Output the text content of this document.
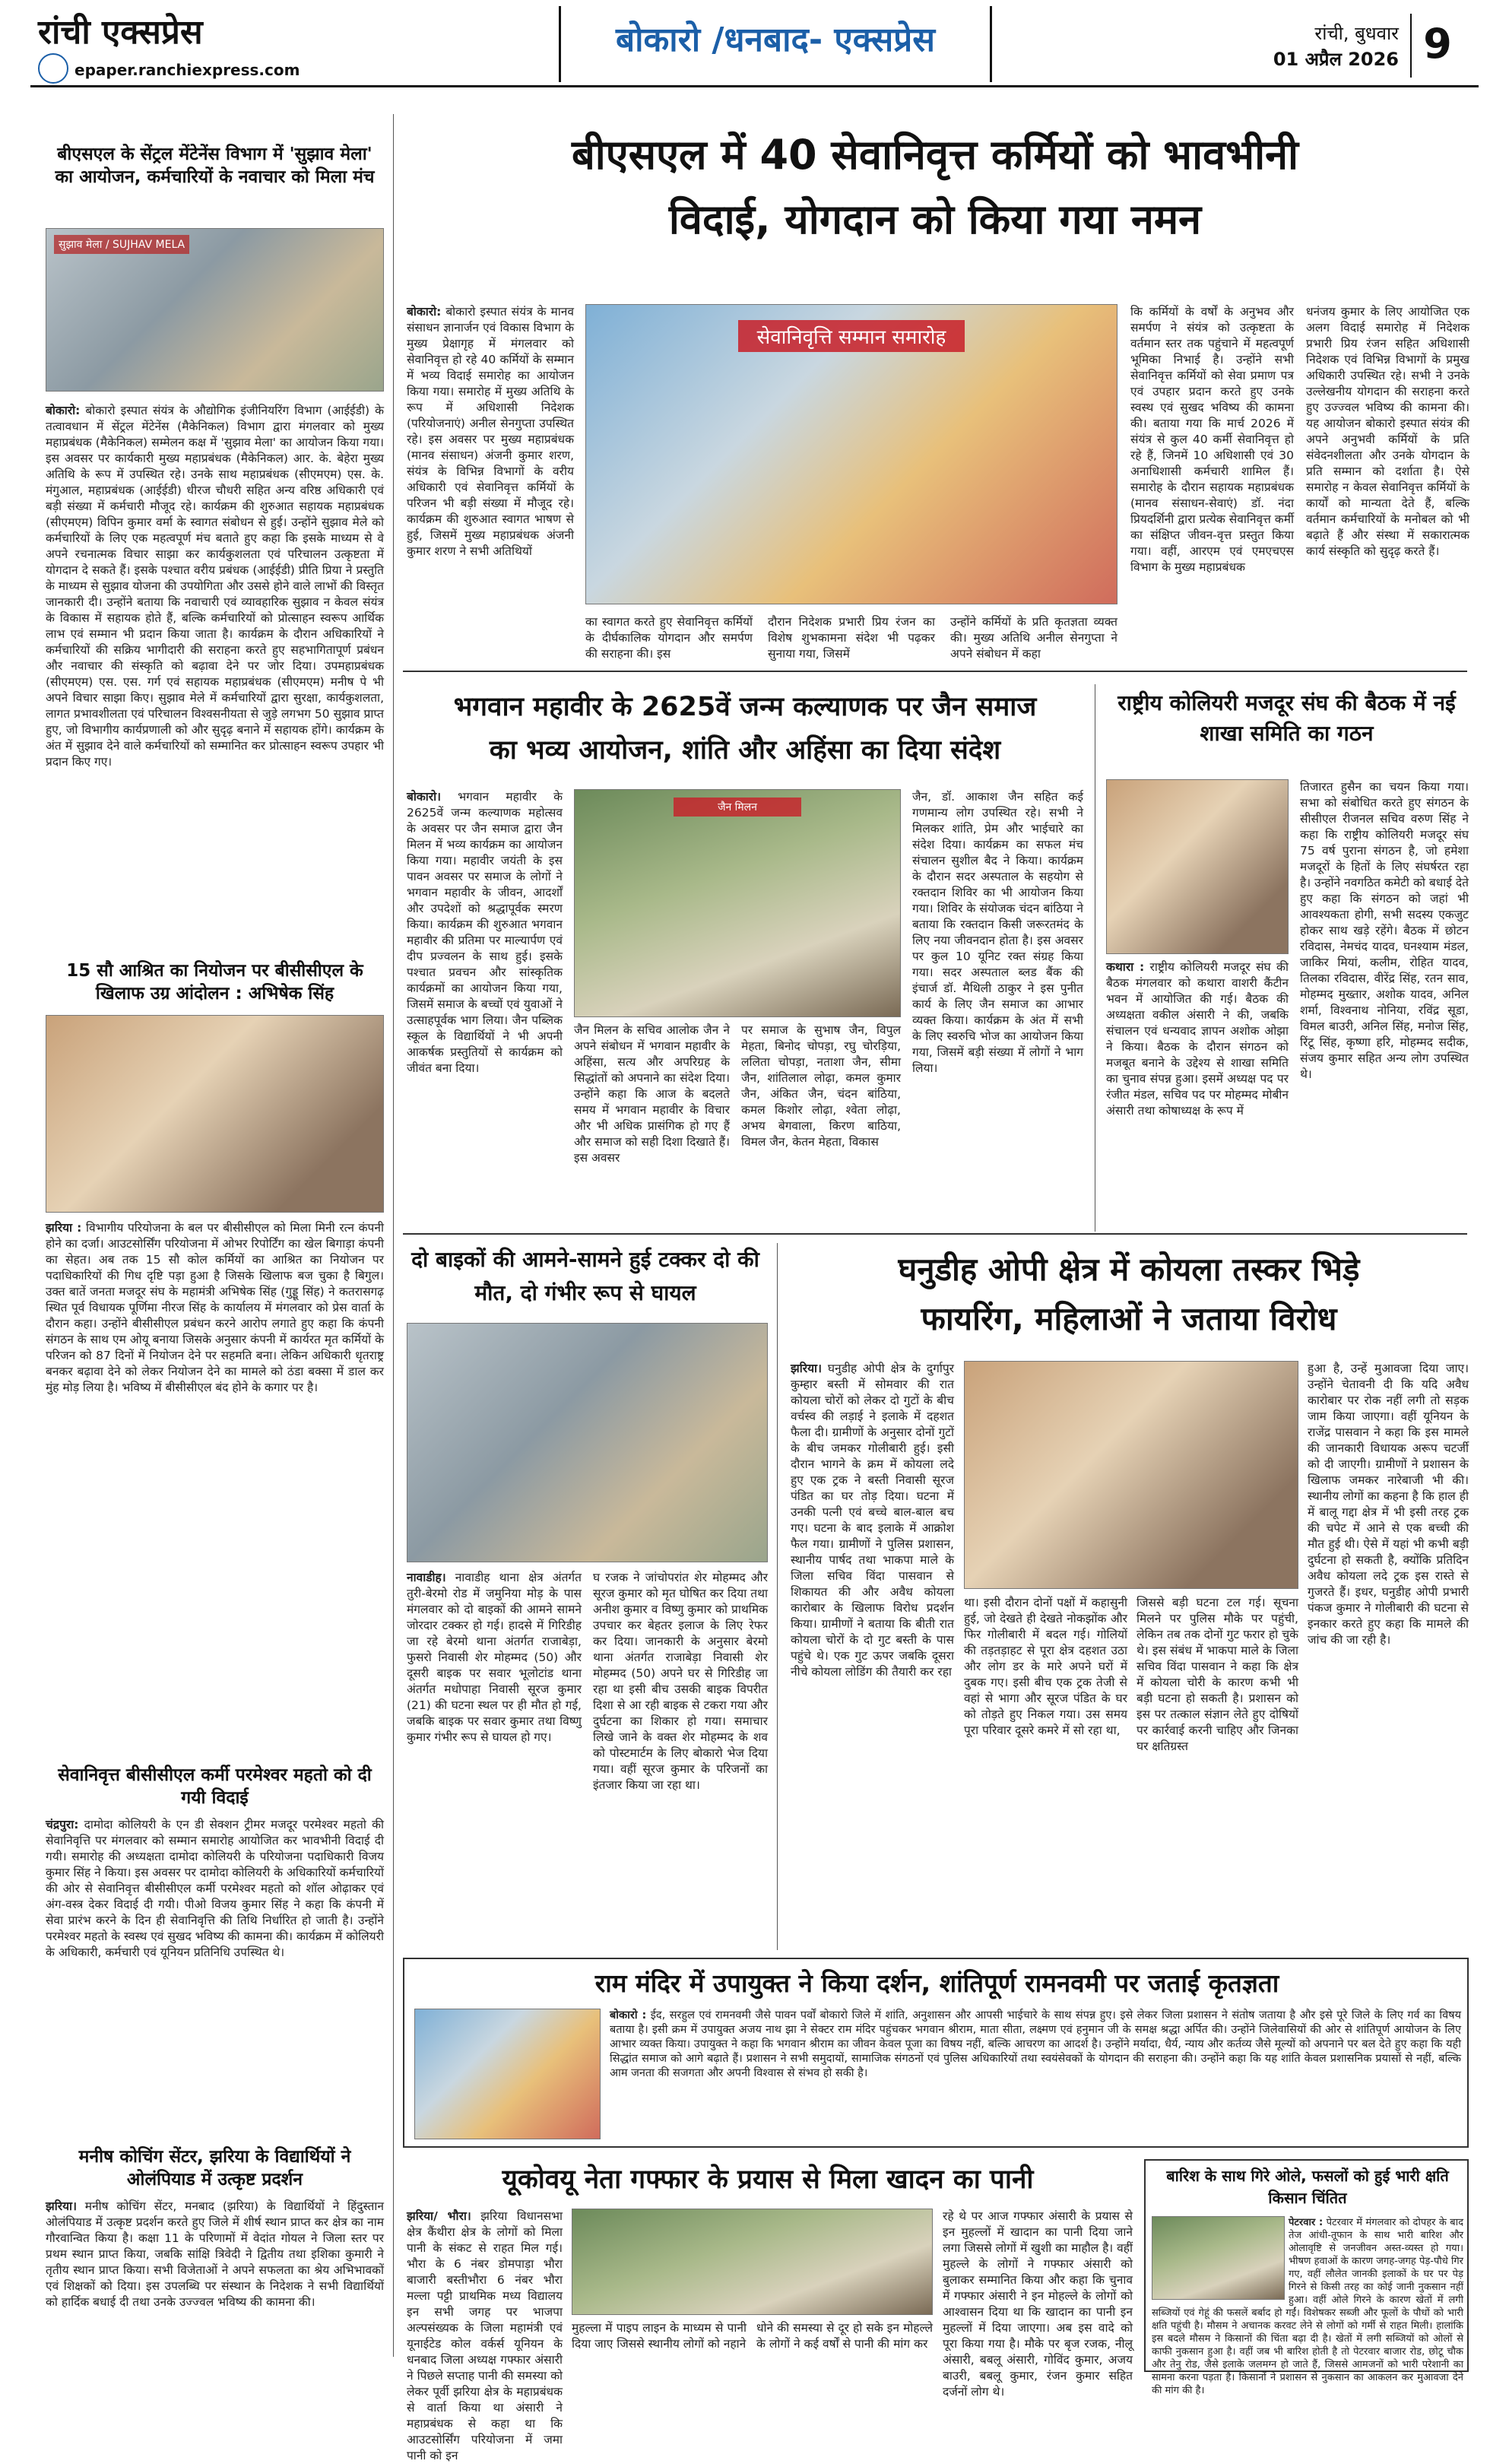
रांची एक्सप्रेस
epaper.ranchiexpress.com
बोकारो /धनबाद- एक्सप्रेस	रांची, बुधवार
01 अप्रैल 2026 9
बीएसएल के सेंट्रल मेंटेनेंस विभाग में 'सुझाव मेला' का आयोजन, कर्मचारियों के नवाचार को मिला मंच
सुझाव मेला / SUJHAV MELA
बोकारो: बोकारो इस्पात संयंत्र के औद्योगिक इंजीनियरिंग विभाग (आईईडी) के तत्वावधान में सेंट्रल मेंटेनेंस (मैकेनिकल) विभाग द्वारा मंगलवार को मुख्य महाप्रबंधक (मैकेनिकल) सम्मेलन कक्ष में 'सुझाव मेला' का आयोजन किया गया। इस अवसर पर कार्यकारी मुख्य महाप्रबंधक (मैकेनिकल) आर. के. बेहेरा मुख्य अतिथि के रूप में उपस्थित रहे। उनके साथ महाप्रबंधक (सीएमएम) एस. के. मंगुआल, महाप्रबंधक (आईईडी) धीरज चौधरी सहित अन्य वरिष्ठ अधिकारी एवं बड़ी संख्या में कर्मचारी मौजूद रहे। कार्यक्रम की शुरुआत सहायक महाप्रबंधक (सीएमएम) विपिन कुमार वर्मा के स्वागत संबोधन से हुई। उन्होंने सुझाव मेले को कर्मचारियों के लिए एक महत्वपूर्ण मंच बताते हुए कहा कि इसके माध्यम से वे अपने रचनात्मक विचार साझा कर कार्यकुशलता एवं परिचालन उत्कृष्टता में योगदान दे सकते हैं। इसके पश्चात वरीय प्रबंधक (आईईडी) प्रीति प्रिया ने प्रस्तुति के माध्यम से सुझाव योजना की उपयोगिता और उससे होने वाले लाभों की विस्तृत जानकारी दी। उन्होंने बताया कि नवाचारी एवं व्यावहारिक सुझाव न केवल संयंत्र के विकास में सहायक होते हैं, बल्कि कर्मचारियों को प्रोत्साहन स्वरूप आर्थिक लाभ एवं सम्मान भी प्रदान किया जाता है। कार्यक्रम के दौरान अधिकारियों ने कर्मचारियों की सक्रिय भागीदारी की सराहना करते हुए सहभागितापूर्ण प्रबंधन और नवाचार की संस्कृति को बढ़ावा देने पर जोर दिया। उपमहाप्रबंधक (सीएमएम) एस. एस. गर्ग एवं सहायक महाप्रबंधक (सीएमएम) मनीष पे भी अपने विचार साझा किए। सुझाव मेले में कर्मचारियों द्वारा सुरक्षा, कार्यकुशलता, लागत प्रभावशीलता एवं परिचालन विश्वसनीयता से जुड़े लगभग 50 सुझाव प्राप्त हुए, जो विभागीय कार्यप्रणाली को और सुदृढ़ बनाने में सहायक होंगे। कार्यक्रम के अंत में सुझाव देने वाले कर्मचारियों को सम्मानित कर प्रोत्साहन स्वरूप उपहार भी प्रदान किए गए।
15 सौ आश्रित का नियोजन पर बीसीसीएल के खिलाफ उग्र आंदोलन : अभिषेक सिंह
झरिया : विभागीय परियोजना के बल पर बीसीसीएल को मिला मिनी रत्न कंपनी होने का दर्जा। आउटसोर्सिंग परियोजना में ओभर रिपोर्टिंग का खेल बिगाड़ा कंपनी का सेहत। अब तक 15 सौ कोल कर्मियों का आश्रित का नियोजन पर पदाधिकारियों की गिध दृष्टि पड़ा हुआ है जिसके खिलाफ बज चुका है बिगुल। उक्त बातें जनता मजदूर संघ के महामंत्री अभिषेक सिंह (गुड्डू सिंह) ने कतरासगढ़ स्थित पूर्व विधायक पूर्णिमा नीरज सिंह के कार्यालय में मंगलवार को प्रेस वार्ता के दौरान कहा। उन्होंने बीसीसीएल प्रबंधन करने आरोप लगाते हुए कहा कि कंपनी संगठन के साथ एम ओयू बनाया जिसके अनुसार कंपनी में कार्यरत मृत कर्मियों के परिजन को 87 दिनों में नियोजन देने पर सहमति बना। लेकिन अधिकारी धृतराष्ट्र बनकर बढ़ावा देने को लेकर नियोजन देने का मामले को ठंडा बक्सा में डाल कर मुंह मोड़ लिया है। भविष्य में बीसीसीएल बंद होने के कगार पर है।
सेवानिवृत्त बीसीसीएल कर्मी परमेश्वर महतो को दी गयी विदाई
चंद्रपुरा: दामोदा कोलियरी के एन डी सेक्शन ट्रीमर मजदूर परमेश्वर महतो की सेवानिवृत्ति पर मंगलवार को सम्मान समारोह आयोजित कर भावभीनी विदाई दी गयी। समारोह की अध्यक्षता दामोदा कोलियरी के परियोजना पदाधिकारी विजय कुमार सिंह ने किया। इस अवसर पर दामोदा कोलियरी के अधिकारियों कर्मचारियों की ओर से सेवानिवृत्त बीसीसीएल कर्मी परमेश्वर महतो को शॉल ओढ़ाकर एवं अंग-वस्त्र देकर विदाई दी गयी। पीओ विजय कुमार सिंह ने कहा कि कंपनी में सेवा प्रारंभ करने के दिन ही सेवानिवृत्ति की तिथि निर्धारित हो जाती है। उन्होंने परमेश्वर महतो के स्वस्थ एवं सुखद भविष्य की कामना की। कार्यक्रम में कोलियरी के अधिकारी, कर्मचारी एवं यूनियन प्रतिनिधि उपस्थित थे।
मनीष कोचिंग सेंटर, झरिया के विद्यार्थियों ने ओलंपियाड में उत्कृष्ट प्रदर्शन
झरिया। मनीष कोचिंग सेंटर, मनबाद (झरिया) के विद्यार्थियों ने हिंदुस्तान ओलंपियाड में उत्कृष्ट प्रदर्शन करते हुए जिले में शीर्ष स्थान प्राप्त कर क्षेत्र का नाम गौरवान्वित किया है। कक्षा 11 के परिणामों में वेदांत गोयल ने जिला स्तर पर प्रथम स्थान प्राप्त किया, जबकि सांक्षि त्रिवेदी ने द्वितीय तथा इशिका कुमारी ने तृतीय स्थान प्राप्त किया। सभी विजेताओं ने अपने सफलता का श्रेय अभिभावकों एवं शिक्षकों को दिया। इस उपलब्धि पर संस्थान के निदेशक ने सभी विद्यार्थियों को हार्दिक बधाई दी तथा उनके उज्ज्वल भविष्य की कामना की।
बीएसएल में 40 सेवानिवृत्त कर्मियों को भावभीनी
विदाई, योगदान को किया गया नमन
बोकारो: बोकारो इस्पात संयंत्र के मानव संसाधन ज्ञानार्जन एवं विकास विभाग के मुख्य प्रेक्षागृह में मंगलवार को सेवानिवृत्त हो रहे 40 कर्मियों के सम्मान में भव्य विदाई समारोह का आयोजन किया गया। समारोह में मुख्य अतिथि के रूप में अधिशासी निदेशक (परियोजनाएं) अनील सेनगुप्ता उपस्थित रहे। इस अवसर पर मुख्य महाप्रबंधक (मानव संसाधन) अंजनी कुमार शरण, संयंत्र के विभिन्न विभागों के वरीय अधिकारी एवं सेवानिवृत्त कर्मियों के परिजन भी बड़ी संख्या में मौजूद रहे। कार्यक्रम की शुरुआत स्वागत भाषण से हुई, जिसमें मुख्य महाप्रबंधक अंजनी कुमार शरण ने सभी अतिथियों
सेवानिवृत्ति सम्मान समारोह
का स्वागत करते हुए सेवानिवृत्त कर्मियों के दीर्घकालिक योगदान और समर्पण की सराहना की। इस
दौरान निदेशक प्रभारी प्रिय रंजन का विशेष शुभकामना संदेश भी पढ़कर सुनाया गया, जिसमें
उन्होंने कर्मियों के प्रति कृतज्ञता व्यक्त की। मुख्य अतिथि अनील सेनगुप्ता ने अपने संबोधन में कहा
कि कर्मियों के वर्षों के अनुभव और समर्पण ने संयंत्र को उत्कृष्टता के वर्तमान स्तर तक पहुंचाने में महत्वपूर्ण भूमिका निभाई है। उन्होंने सभी सेवानिवृत्त कर्मियों को सेवा प्रमाण पत्र एवं उपहार प्रदान करते हुए उनके स्वस्थ एवं सुखद भविष्य की कामना की। बताया गया कि मार्च 2026 में संयंत्र से कुल 40 कर्मी सेवानिवृत्त हो रहे हैं, जिनमें 10 अधिशासी एवं 30 अनाधिशासी कर्मचारी शामिल हैं। समारोह के दौरान सहायक महाप्रबंधक (मानव संसाधन-सेवाएं) डॉ. नंदा प्रियदर्शिनी द्वारा प्रत्येक सेवानिवृत्त कर्मी का संक्षिप्त जीवन-वृत्त प्रस्तुत किया गया। वहीं, आरएम एवं एमएचएस विभाग के मुख्य महाप्रबंधक
धनंजय कुमार के लिए आयोजित एक अलग विदाई समारोह में निदेशक प्रभारी प्रिय रंजन सहित अधिशासी निदेशक एवं विभिन्न विभागों के प्रमुख अधिकारी उपस्थित रहे। सभी ने उनके उल्लेखनीय योगदान की सराहना करते हुए उज्ज्वल भविष्य की कामना की। यह आयोजन बोकारो इस्पात संयंत्र की अपने अनुभवी कर्मियों के प्रति संवेदनशीलता और उनके योगदान के प्रति सम्मान को दर्शाता है। ऐसे समारोह न केवल सेवानिवृत्त कर्मियों के कार्यों को मान्यता देते हैं, बल्कि वर्तमान कर्मचारियों के मनोबल को भी बढ़ाते हैं और संस्था में सकारात्मक कार्य संस्कृति को सुदृढ़ करते हैं।
भगवान महावीर के 2625वें जन्म कल्याणक पर जैन समाज
का भव्य आयोजन, शांति और अहिंसा का दिया संदेश
बोकारो। भगवान महावीर के 2625वें जन्म कल्याणक महोत्सव के अवसर पर जैन समाज द्वारा जैन मिलन में भव्य कार्यक्रम का आयोजन किया गया। महावीर जयंती के इस पावन अवसर पर समाज के लोगों ने भगवान महावीर के जीवन, आदर्शों और उपदेशों को श्रद्धापूर्वक स्मरण किया। कार्यक्रम की शुरुआत भगवान महावीर की प्रतिमा पर माल्यार्पण एवं दीप प्रज्वलन के साथ हुई। इसके पश्चात प्रवचन और सांस्कृतिक कार्यक्रमों का आयोजन किया गया, जिसमें समाज के बच्चों एवं युवाओं ने उत्साहपूर्वक भाग लिया। जैन पब्लिक स्कूल के विद्यार्थियों ने भी अपनी आकर्षक प्रस्तुतियों से कार्यक्रम को जीवंत बना दिया।
जैन मिलन
जैन मिलन के सचिव आलोक जैन ने अपने संबोधन में भगवान महावीर के अहिंसा, सत्य और अपरिग्रह के सिद्धांतों को अपनाने का संदेश दिया। उन्होंने कहा कि आज के बदलते समय में भगवान महावीर के विचार और भी अधिक प्रासंगिक हो गए हैं और समाज को सही दिशा दिखाते हैं। इस अवसर
पर समाज के सुभाष जैन, विपुल मेहता, बिनोद चोपड़ा, रघु चोरड़िया, ललिता चोपड़ा, नताशा जैन, सीमा जैन, शांतिलाल लोढ़ा, कमल कुमार जैन, अंकित जैन, चंदन बांठिया, कमल किशोर लोढ़ा, श्वेता लोढ़ा, अभय बेगवाला, किरण बाठिया, विमल जैन, केतन मेहता, विकास
जैन, डॉ. आकाश जैन सहित कई गणमान्य लोग उपस्थित रहे। सभी ने मिलकर शांति, प्रेम और भाईचारे का संदेश दिया। कार्यक्रम का सफल मंच संचालन सुशील बैद ने किया। कार्यक्रम के दौरान सदर अस्पताल के सहयोग से रक्तदान शिविर का भी आयोजन किया गया। शिविर के संयोजक चंदन बांठिया ने बताया कि रक्तदान किसी जरूरतमंद के लिए नया जीवनदान होता है। इस अवसर पर कुल 10 यूनिट रक्त संग्रह किया गया। सदर अस्पताल ब्लड बैंक की इंचार्ज डॉ. मैथिली ठाकुर ने इस पुनीत कार्य के लिए जैन समाज का आभार व्यक्त किया। कार्यक्रम के अंत में सभी के लिए स्वरुचि भोज का आयोजन किया गया, जिसमें बड़ी संख्या में लोगों ने भाग लिया।
राष्ट्रीय कोलियरी मजदूर संघ की बैठक में नई शाखा समिति का गठन
कथारा : राष्ट्रीय कोलियरी मजदूर संघ की बैठक मंगलवार को कथारा वाशरी कैंटीन भवन में आयोजित की गई। बैठक की अध्यक्षता वकील अंसारी ने की, जबकि संचालन एवं धन्यवाद ज्ञापन अशोक ओझा ने किया। बैठक के दौरान संगठन को मजबूत बनाने के उद्देश्य से शाखा समिति का चुनाव संपन्न हुआ। इसमें अध्यक्ष पद पर रंजीत मंडल, सचिव पद पर मोहम्मद मोबीन अंसारी तथा कोषाध्यक्ष के रूप में
तिजारत हुसैन का चयन किया गया। सभा को संबोधित करते हुए संगठन के सीसीएल रीजनल सचिव वरुण सिंह ने कहा कि राष्ट्रीय कोलियरी मजदूर संघ 75 वर्ष पुराना संगठन है, जो हमेशा मजदूरों के हितों के लिए संघर्षरत रहा है। उन्होंने नवगठित कमेटी को बधाई देते हुए कहा कि संगठन को जहां भी आवश्यकता होगी, सभी सदस्य एकजुट होकर साथ खड़े रहेंगे। बैठक में छोटन रविदास, नेमचंद यादव, घनश्याम मंडल, जाकिर मियां, कलीम, रोहित यादव, तिलका रविदास, वीरेंद्र सिंह, रतन साव, मोहम्मद मुख्तार, अशोक यादव, अनिल शर्मा, विश्वनाथ नोनिया, रविंद्र सूडा, विमल बाउरी, अनिल सिंह, मनोज सिंह, रिंटू सिंह, कृष्णा हरि, मोहम्मद सदीक, संजय कुमार सहित अन्य लोग उपस्थित थे।
दो बाइकों की आमने-सामने हुई टक्कर दो की मौत, दो गंभीर रूप से घायल
नावाडीह। नावाडीह थाना क्षेत्र अंतर्गत तुरी-बेरमो रोड में जमुनिया मोड़ के पास मंगलवार को दो बाइकों की आमने सामने जोरदार टक्कर हो गई। हादसे में गिरिडीह जा रहे बेरमो थाना अंतर्गत राजाबेड़ा, फुसरो निवासी शेर मोहम्मद (50) और दूसरी बाइक पर सवार भूलोटांड थाना अंतर्गत मधोपाहा निवासी सूरज कुमार (21) की घटना स्थल पर ही मौत हो गई, जबकि बाइक पर सवार कुमार तथा विष्णु कुमार गंभीर रूप से घायल हो गए।
घ रजक ने जांचोपरांत शेर मोहम्मद और सूरज कुमार को मृत घोषित कर दिया तथा अनीश कुमार व विष्णु कुमार को प्राथमिक उपचार कर बेहतर इलाज के लिए रेफर कर दिया। जानकारी के अनुसार बेरमो थाना अंतर्गत राजाबेड़ा निवासी शेर मोहम्मद (50) अपने घर से गिरिडीह जा रहा था इसी बीच उसकी बाइक विपरीत दिशा से आ रही बाइक से टकरा गया और दुर्घटना का शिकार हो गया। समाचार लिखे जाने के वक्त शेर मोहम्मद के शव को पोस्टमार्टम के लिए बोकारो भेज दिया गया। वहीं सूरज कुमार के परिजनों का इंतजार किया जा रहा था।
घनुडीह ओपी क्षेत्र में कोयला तस्कर भिड़े
फायरिंग, महिलाओं ने जताया विरोध
झरिया। घनुडीह ओपी क्षेत्र के दुर्गापुर कुम्हार बस्ती में सोमवार की रात कोयला चोरों को लेकर दो गुटों के बीच वर्चस्व की लड़ाई ने इलाके में दहशत फैला दी। ग्रामीणों के अनुसार दोनों गुटों के बीच जमकर गोलीबारी हुई। इसी दौरान भागने के क्रम में कोयला लदे हुए एक ट्रक ने बस्ती निवासी सूरज पंडित का घर तोड़ दिया। घटना में उनकी पत्नी एवं बच्चे बाल-बाल बच गए। घटना के बाद इलाके में आक्रोश फैल गया। ग्रामीणों ने पुलिस प्रशासन, स्थानीय पार्षद तथा भाकपा माले के जिला सचिव विंदा पासवान से शिकायत की और अवैध कोयला कारोबार के खिलाफ विरोध प्रदर्शन किया। ग्रामीणों ने बताया कि बीती रात कोयला चोरों के दो गुट बस्ती के पास पहुंचे थे। एक गुट ऊपर जबकि दूसरा नीचे कोयला लोडिंग की तैयारी कर रहा
था। इसी दौरान दोनों पक्षों में कहासुनी हुई, जो देखते ही देखते नोकझोंक और फिर गोलीबारी में बदल गई। गोलियों की तड़तड़ाहट से पूरा क्षेत्र दहशत उठा और लोग डर के मारे अपने घरों में दुबक गए। इसी बीच एक ट्रक तेजी से वहां से भागा और सूरज पंडित के घर को तोड़ते हुए निकल गया। उस समय पूरा परिवार दूसरे कमरे में सो रहा था,
जिससे बड़ी घटना टल गई। सूचना मिलने पर पुलिस मौके पर पहुंची, लेकिन तब तक दोनों गुट फरार हो चुके थे। इस संबंध में भाकपा माले के जिला सचिव विंदा पासवान ने कहा कि क्षेत्र में कोयला चोरी के कारण कभी भी बड़ी घटना हो सकती है। प्रशासन को इस पर तत्काल संज्ञान लेते हुए दोषियों पर कार्रवाई करनी चाहिए और जिनका घर क्षतिग्रस्त
हुआ है, उन्हें मुआवजा दिया जाए। उन्होंने चेतावनी दी कि यदि अवैध कारोबार पर रोक नहीं लगी तो सड़क जाम किया जाएगा। वहीं यूनियन के राजेंद्र पासवान ने कहा कि इस मामले की जानकारी विधायक अरूप चटर्जी को दी जाएगी। ग्रामीणों ने प्रशासन के खिलाफ जमकर नारेबाजी भी की। स्थानीय लोगों का कहना है कि हाल ही में बालू गद्दा क्षेत्र में भी इसी तरह ट्रक की चपेट में आने से एक बच्ची की मौत हुई थी। ऐसे में यहां भी कभी बड़ी दुर्घटना हो सकती है, क्योंकि प्रतिदिन अवैध कोयला लदे ट्रक इस रास्ते से गुजरते हैं। इधर, घनुडीह ओपी प्रभारी पंकज कुमार ने गोलीबारी की घटना से इनकार करते हुए कहा कि मामले की जांच की जा रही है।
राम मंदिर में उपायुक्त ने किया दर्शन, शांतिपूर्ण रामनवमी पर जताई कृतज्ञता
बोकारो : ईद, सरहुल एवं रामनवमी जैसे पावन पर्वों बोकारो जिले में शांति, अनुशासन और आपसी भाईचारे के साथ संपन्न हुए। इसे लेकर जिला प्रशासन ने संतोष जताया है और इसे पूरे जिले के लिए गर्व का विषय बताया है। इसी क्रम में उपायुक्त अजय नाथ झा ने सेक्टर राम मंदिर पहुंचकर भगवान श्रीराम, माता सीता, लक्ष्मण एवं हनुमान जी के समक्ष श्रद्धा अर्पित की। उन्होंने जिलेवासियों की ओर से शांतिपूर्ण आयोजन के लिए आभार व्यक्त किया। उपायुक्त ने कहा कि भगवान श्रीराम का जीवन केवल पूजा का विषय नहीं, बल्कि आचरण का आदर्श है। उन्होंने मर्यादा, धैर्य, न्याय और कर्तव्य जैसे मूल्यों को अपनाने पर बल देते हुए कहा कि यही सिद्धांत समाज को आगे बढ़ाते हैं। प्रशासन ने सभी समुदायों, सामाजिक संगठनों एवं पुलिस अधिकारियों तथा स्वयंसेवकों के योगदान की सराहना की। उन्होंने कहा कि यह शांति केवल प्रशासनिक प्रयासों से नहीं, बल्कि आम जनता की सजगता और अपनी विश्वास से संभव हो सकी है।
यूकोवयू नेता गफ्फार के प्रयास से मिला खादन का पानी
झरिया/ भौरा। झरिया विधानसभा क्षेत्र कैंथीरा क्षेत्र के लोगों को मिला पानी के संकट से राहत मिल गई। भौरा के 6 नंबर डोमपाड़ा भौरा बाजारी बस्तीभौरा 6 नंबर भौरा मल्ला पट्टी प्राथमिक मध्य विद्यालय इन सभी जगह पर भाजपा अल्पसंख्यक के जिला महामंत्री एवं यूनाईटेड कोल वर्कर्स यूनियन के धनबाद जिला अध्यक्ष गफ्फार अंसारी ने पिछले सप्ताह पानी की समस्या को लेकर पूर्वी झरिया क्षेत्र के महाप्रबंधक से वार्ता किया था अंसारी ने महाप्रबंधक से कहा था कि आउटसोर्सिंग परियोजना में जमा पानी को इन
मुहल्ला में पाइप लाइन के माध्यम से पानी दिया जाए जिससे स्थानीय लोगों को नहाने
धोने की समस्या से दूर हो सके इन मोहल्ले के लोगों ने कई वर्षों से पानी की मांग कर
रहे थे पर आज गफ्फार अंसारी के प्रयास से इन मुहल्लों में खादान का पानी दिया जाने लगा जिससे लोगों में खुशी का माहौल है। वहीं मुहल्ले के लोगों ने गफ्फार अंसारी को बुलाकर सम्मानित किया और कहा कि चुनाव में गफ्फार अंसारी ने इन मोहल्ले के लोगों को आश्वासन दिया था कि खादान का पानी इन मुहल्लों में दिया जाएगा। अब इस वादे को पूरा किया गया है। मौके पर बृज रजक, नीलू अंसारी, बबलू अंसारी, गोविंद कुमार, अजय बाउरी, बबलू कुमार, रंजन कुमार सहित दर्जनों लोग थे।
बारिश के साथ गिरे ओले, फसलों को हुई भारी क्षति किसान चिंतित
पेटरवार : पेटरवार में मंगलवार को दोपहर के बाद तेज आंधी-तूफान के साथ भारी बारिश और ओलावृष्टि से जनजीवन अस्त-व्यस्त हो गया। भीषण हवाओं के कारण जगह-जगह पेड़-पौधे गिर गए, वहीं लौलेत जानकी इलाकों के घर पर पेड़ गिरने से किसी तरह का कोई जानी नुकसान नहीं हुआ। वहीं ओले गिरने के कारण खेतों में लगी सब्जियों एवं गेहूं की फसलें बर्बाद हो गईं। विशेषकर सब्जी और फूलों के पौधों को भारी क्षति पहुंची है। मौसम ने अचानक करवट लेने से लोगों को गर्मी से राहत मिली। हालांकि इस बदले मौसम ने किसानों की चिंता बढ़ा दी है। खेतों में लगी सब्जियों को ओलों से काफी नुकसान हुआ है। वहीं जब भी बारिश होती है तो पेटरवार बाजार रोड, छोटू चौक और तेनु रोड, जैसे इलाके जलमग्न हो जाते हैं, जिससे आमजनों को भारी परेशानी का सामना करना पड़ता है। किसानों ने प्रशासन से नुकसान का आकलन कर मुआवजा देने की मांग की है।
